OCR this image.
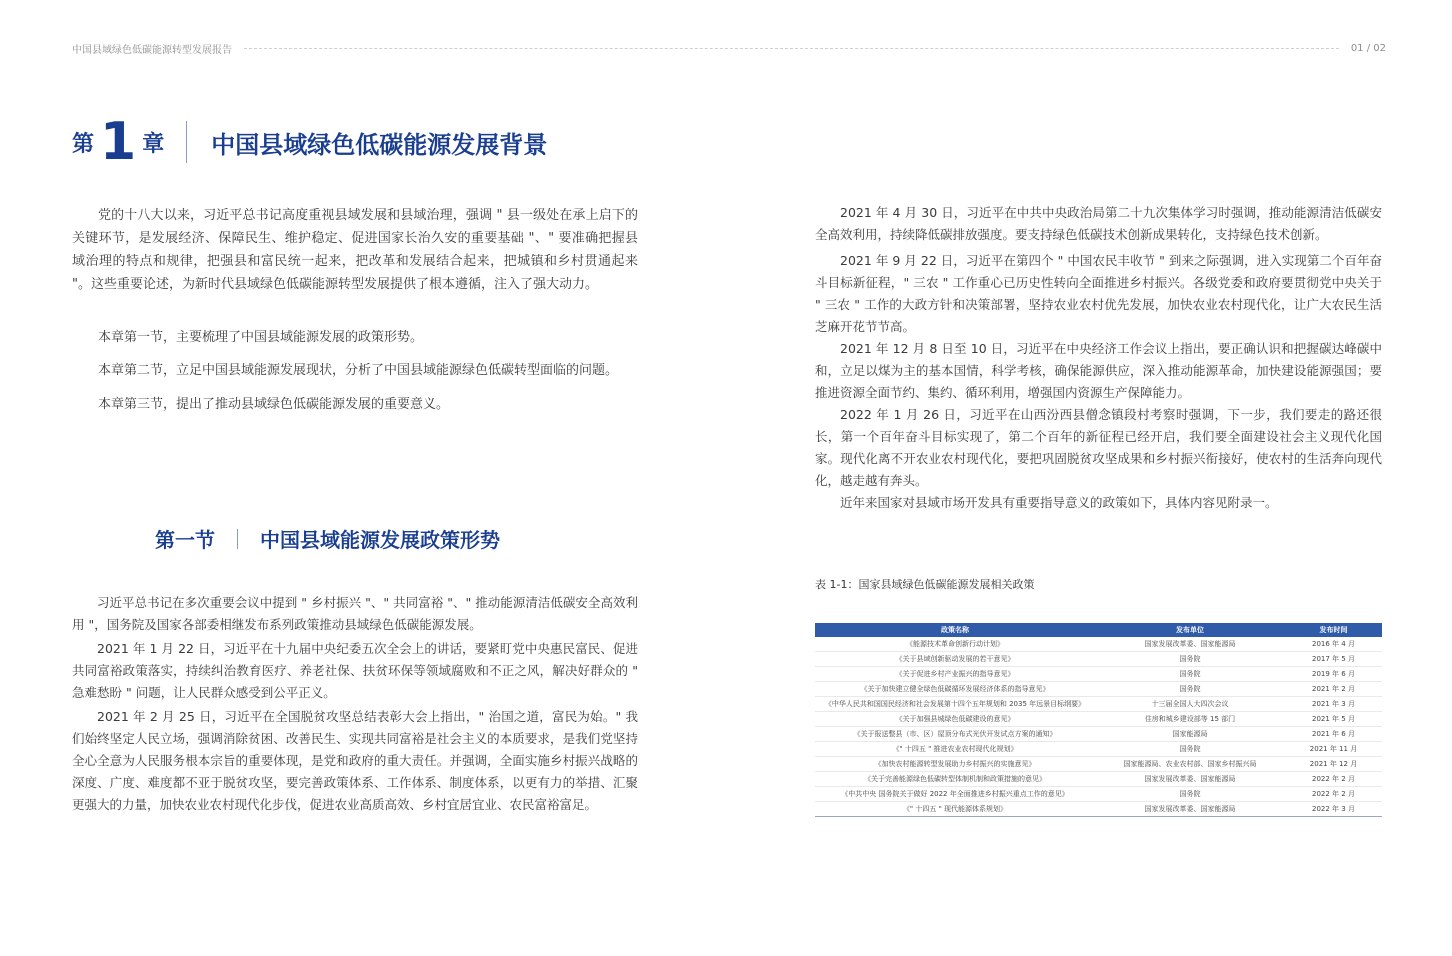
中国县域绿色低碳能源转型发展报告	01 / 02
第 1 章 中国县域绿色低碳能源发展背景

党的十八大以来，习近平总书记高度重视县域发展和县域治理，强调 " 县一级处在承上启下的关键环节，是发展经济、保障民生、维护稳定、促进国家长治久安的重要基础 "、" 要准确把握县域治理的特点和规律，把强县和富民统一起来，把改革和发展结合起来，把城镇和乡村贯通起来 "。这些重要论述，为新时代县域绿色低碳能源转型发展提供了根本遵循，注入了强大动力。

本章第一节，主要梳理了中国县域能源发展的政策形势。

本章第二节，立足中国县域能源发展现状，分析了中国县域能源绿色低碳转型面临的问题。

本章第三节，提出了推动县域绿色低碳能源发展的重要意义。

第一节 中国县域能源发展政策形势

习近平总书记在多次重要会议中提到 " 乡村振兴 "、" 共同富裕 "、" 推动能源清洁低碳安全高效利用 "，国务院及国家各部委相继发布系列政策推动县域绿色低碳能源发展。

2021 年 1 月 22 日，习近平在十九届中央纪委五次全会上的讲话，要紧盯党中央惠民富民、促进共同富裕政策落实，持续纠治教育医疗、养老社保、扶贫环保等领域腐败和不正之风，解决好群众的 " 急难愁盼 " 问题，让人民群众感受到公平正义。

2021 年 2 月 25 日，习近平在全国脱贫攻坚总结表彰大会上指出，" 治国之道，富民为始。" 我们始终坚定人民立场，强调消除贫困、改善民生、实现共同富裕是社会主义的本质要求，是我们党坚持全心全意为人民服务根本宗旨的重要体现，是党和政府的重大责任。并强调，全面实施乡村振兴战略的深度、广度、难度都不亚于脱贫攻坚，要完善政策体系、工作体系、制度体系，以更有力的举措、汇聚更强大的力量，加快农业农村现代化步伐，促进农业高质高效、乡村宜居宜业、农民富裕富足。

2021 年 4 月 30 日，习近平在中共中央政治局第二十九次集体学习时强调，推动能源清洁低碳安全高效利用，持续降低碳排放强度。要支持绿色低碳技术创新成果转化，支持绿色技术创新。

2021 年 9 月 22 日，习近平在第四个 " 中国农民丰收节 " 到来之际强调，进入实现第二个百年奋斗目标新征程，" 三农 " 工作重心已历史性转向全面推进乡村振兴。各级党委和政府要贯彻党中央关于 " 三农 " 工作的大政方针和决策部署，坚持农业农村优先发展，加快农业农村现代化，让广大农民生活芝麻开花节节高。

2021 年 12 月 8 日至 10 日，习近平在中央经济工作会议上指出，要正确认识和把握碳达峰碳中和，立足以煤为主的基本国情，科学考核，确保能源供应，深入推动能源革命，加快建设能源强国；要推进资源全面节约、集约、循环利用，增强国内资源生产保障能力。

2022 年 1 月 26 日，习近平在山西汾西县僧念镇段村考察时强调，下一步，我们要走的路还很长，第一个百年奋斗目标实现了，第二个百年的新征程已经开启，我们要全面建设社会主义现代化国家。现代化离不开农业农村现代化，要把巩固脱贫攻坚成果和乡村振兴衔接好，使农村的生活奔向现代化，越走越有奔头。

近年来国家对县域市场开发具有重要指导意义的政策如下，具体内容见附录一。

表 1-1：国家县域绿色低碳能源发展相关政策
政策名称	发布单位	发布时间
《能源技术革命创新行动计划》	国家发展改革委、国家能源局	2016 年 4 月
《关于县域创新驱动发展的若干意见》	国务院	2017 年 5 月
《关于促进乡村产业振兴的指导意见》	国务院	2019 年 6 月
《关于加快建立健全绿色低碳循环发展经济体系的指导意见》	国务院	2021 年 2 月
《中华人民共和国国民经济和社会发展第十四个五年规划和 2035 年远景目标纲要》	十三届全国人大四次会议	2021 年 3 月
《关于加强县城绿色低碳建设的意见》	住房和城乡建设部等 15 部门	2021 年 5 月
《关于报送整县（市、区）屋顶分布式光伏开发试点方案的通知》	国家能源局	2021 年 6 月
《" 十四五 " 推进农业农村现代化规划》	国务院	2021 年 11 月
《加快农村能源转型发展助力乡村振兴的实施意见》	国家能源局、农业农村部、国家乡村振兴局	2021 年 12 月
《关于完善能源绿色低碳转型体制机制和政策措施的意见》	国家发展改革委、国家能源局	2022 年 2 月
《中共中央 国务院关于做好 2022 年全面推进乡村振兴重点工作的意见》	国务院	2022 年 2 月
《" 十四五 " 现代能源体系规划》	国家发展改革委、国家能源局	2022 年 3 月
